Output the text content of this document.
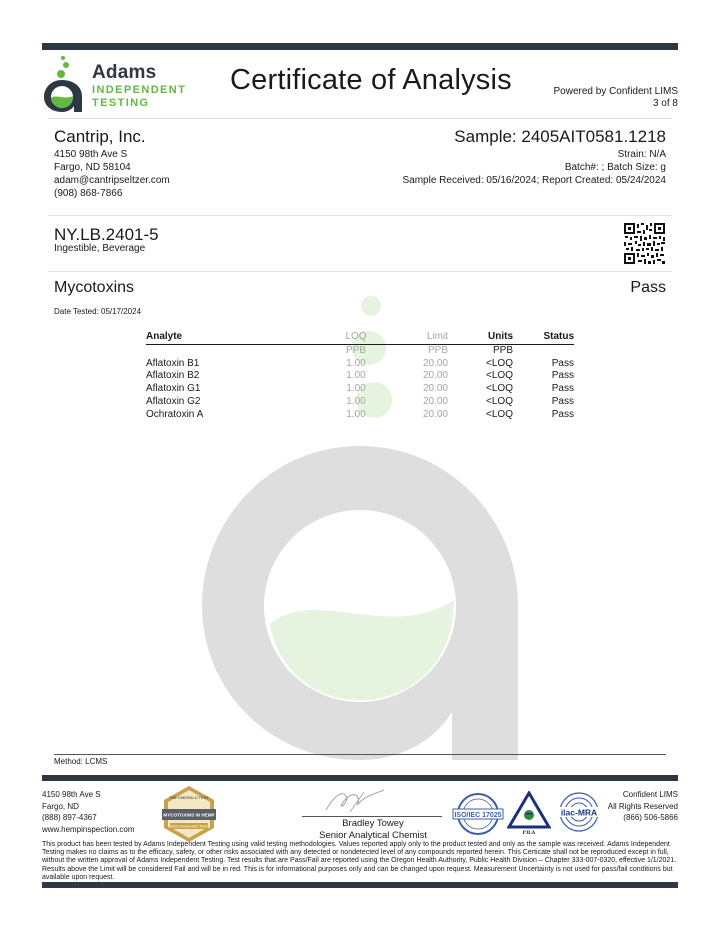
Adams
INDEPENDENT
TESTING
Certificate of Analysis	Powered by Confident LIMS
3 of 8
Cantrip, Inc.
4150 98th Ave S
Fargo, ND 58104
adam@cantripseltzer.com
(908) 868-7866
Sample: 2405AIT0581.1218
Strain: N/A
Batch#: ; Batch Size: g
Sample Received: 05/16/2024; Report Created: 05/24/2024
NY.LB.2401-5
Ingestible, Beverage
Mycotoxins	Pass
Date Tested: 05/17/2024
Analyte	LOQ	Limit	Units	Status
	PPB	PPB	PPB	
Aflatoxin B1	1.00	20.00	<LOQ	Pass
Aflatoxin B2	1.00	20.00	<LOQ	Pass
Aflatoxin G1	1.00	20.00	<LOQ	Pass
Aflatoxin G2	1.00	20.00	<LOQ	Pass
Ochratoxin A	1.00	20.00	<LOQ	Pass
Method: LCMS
4150 98th Ave S
Fargo, ND
(888) 897-4367
www.hempinspection.com
THE EMERALD TEST
MYCOTOXINS IN HEMP
Adams Independent Testing	Bradley Towey
Senior Analytical Chemist
ISO/IEC 17025
PJLA
ilac-MRA
Confident LIMS
All Rights Reserved
(866) 506-5866
This product has been tested by Adams Independent Testing using valid testing methodologies. Values reported apply only to the product tested and only as the sample was received. Adams Independent Testing makes no claims as to the efficacy, safety, or other risks associated with any detected or nondetected level of any compounds reported herein. This Certicate shall not be reproduced except in full, without the written approval of Adams Independent Testing. Test results that are Pass/Fail are reported using the Oregon Health Authority, Public Health Division – Chapter 333-007-0320, effective 1/1/2021. Results above the Limit will be considered Fail and will be in red. This is for informational purposes only and can be changed upon request. Measurement Uncertainty is not used for pass/fail conditions but available upon request.
